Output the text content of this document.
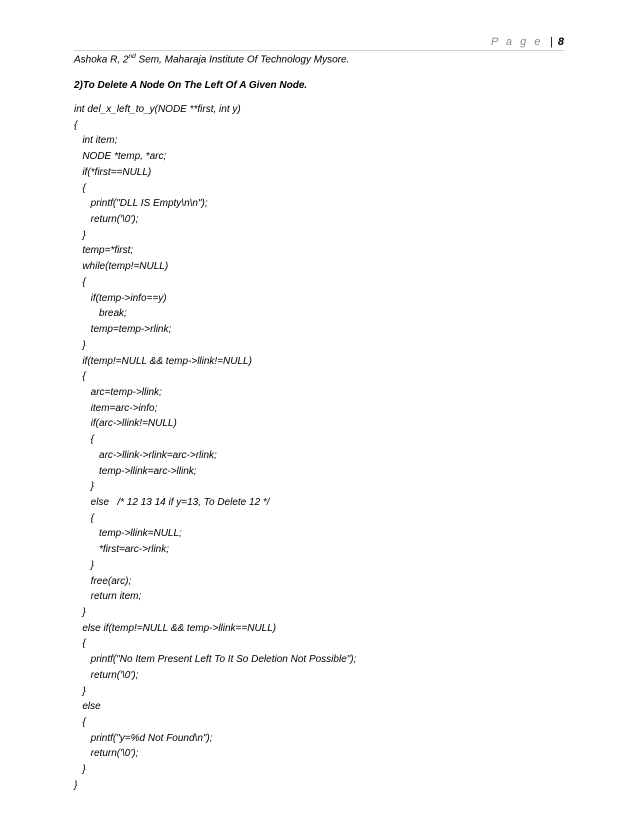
P a g e | 8
Ashoka R, 2nd Sem, Maharaja Institute Of Technology Mysore.
2)To Delete A Node On The Left Of A Given Node.
int del_x_left_to_y(NODE **first, int y)
{
int item;
NODE *temp, *arc;
if(*first==NULL)
{
printf("DLL IS Empty\n\n");
return('\0');
}
temp=*first;
while(temp!=NULL)
{
if(temp->info==y)
break;
temp=temp->rlink;
}
if(temp!=NULL && temp->llink!=NULL)
{
arc=temp->llink;
item=arc->info;
if(arc->llink!=NULL)
{
arc->llink->rlink=arc->rlink;
temp->llink=arc->llink;
}
else   /* 12 13 14 if y=13, To Delete 12 */
{
temp->llink=NULL;
*first=arc->rlink;
}
free(arc);
return item;
}
else if(temp!=NULL && temp->llink==NULL)
{
printf("No Item Present Left To It So Deletion Not Possible");
return('\0');
}
else
{
printf("y=%d Not Found\n");
return('\0');
}
}
